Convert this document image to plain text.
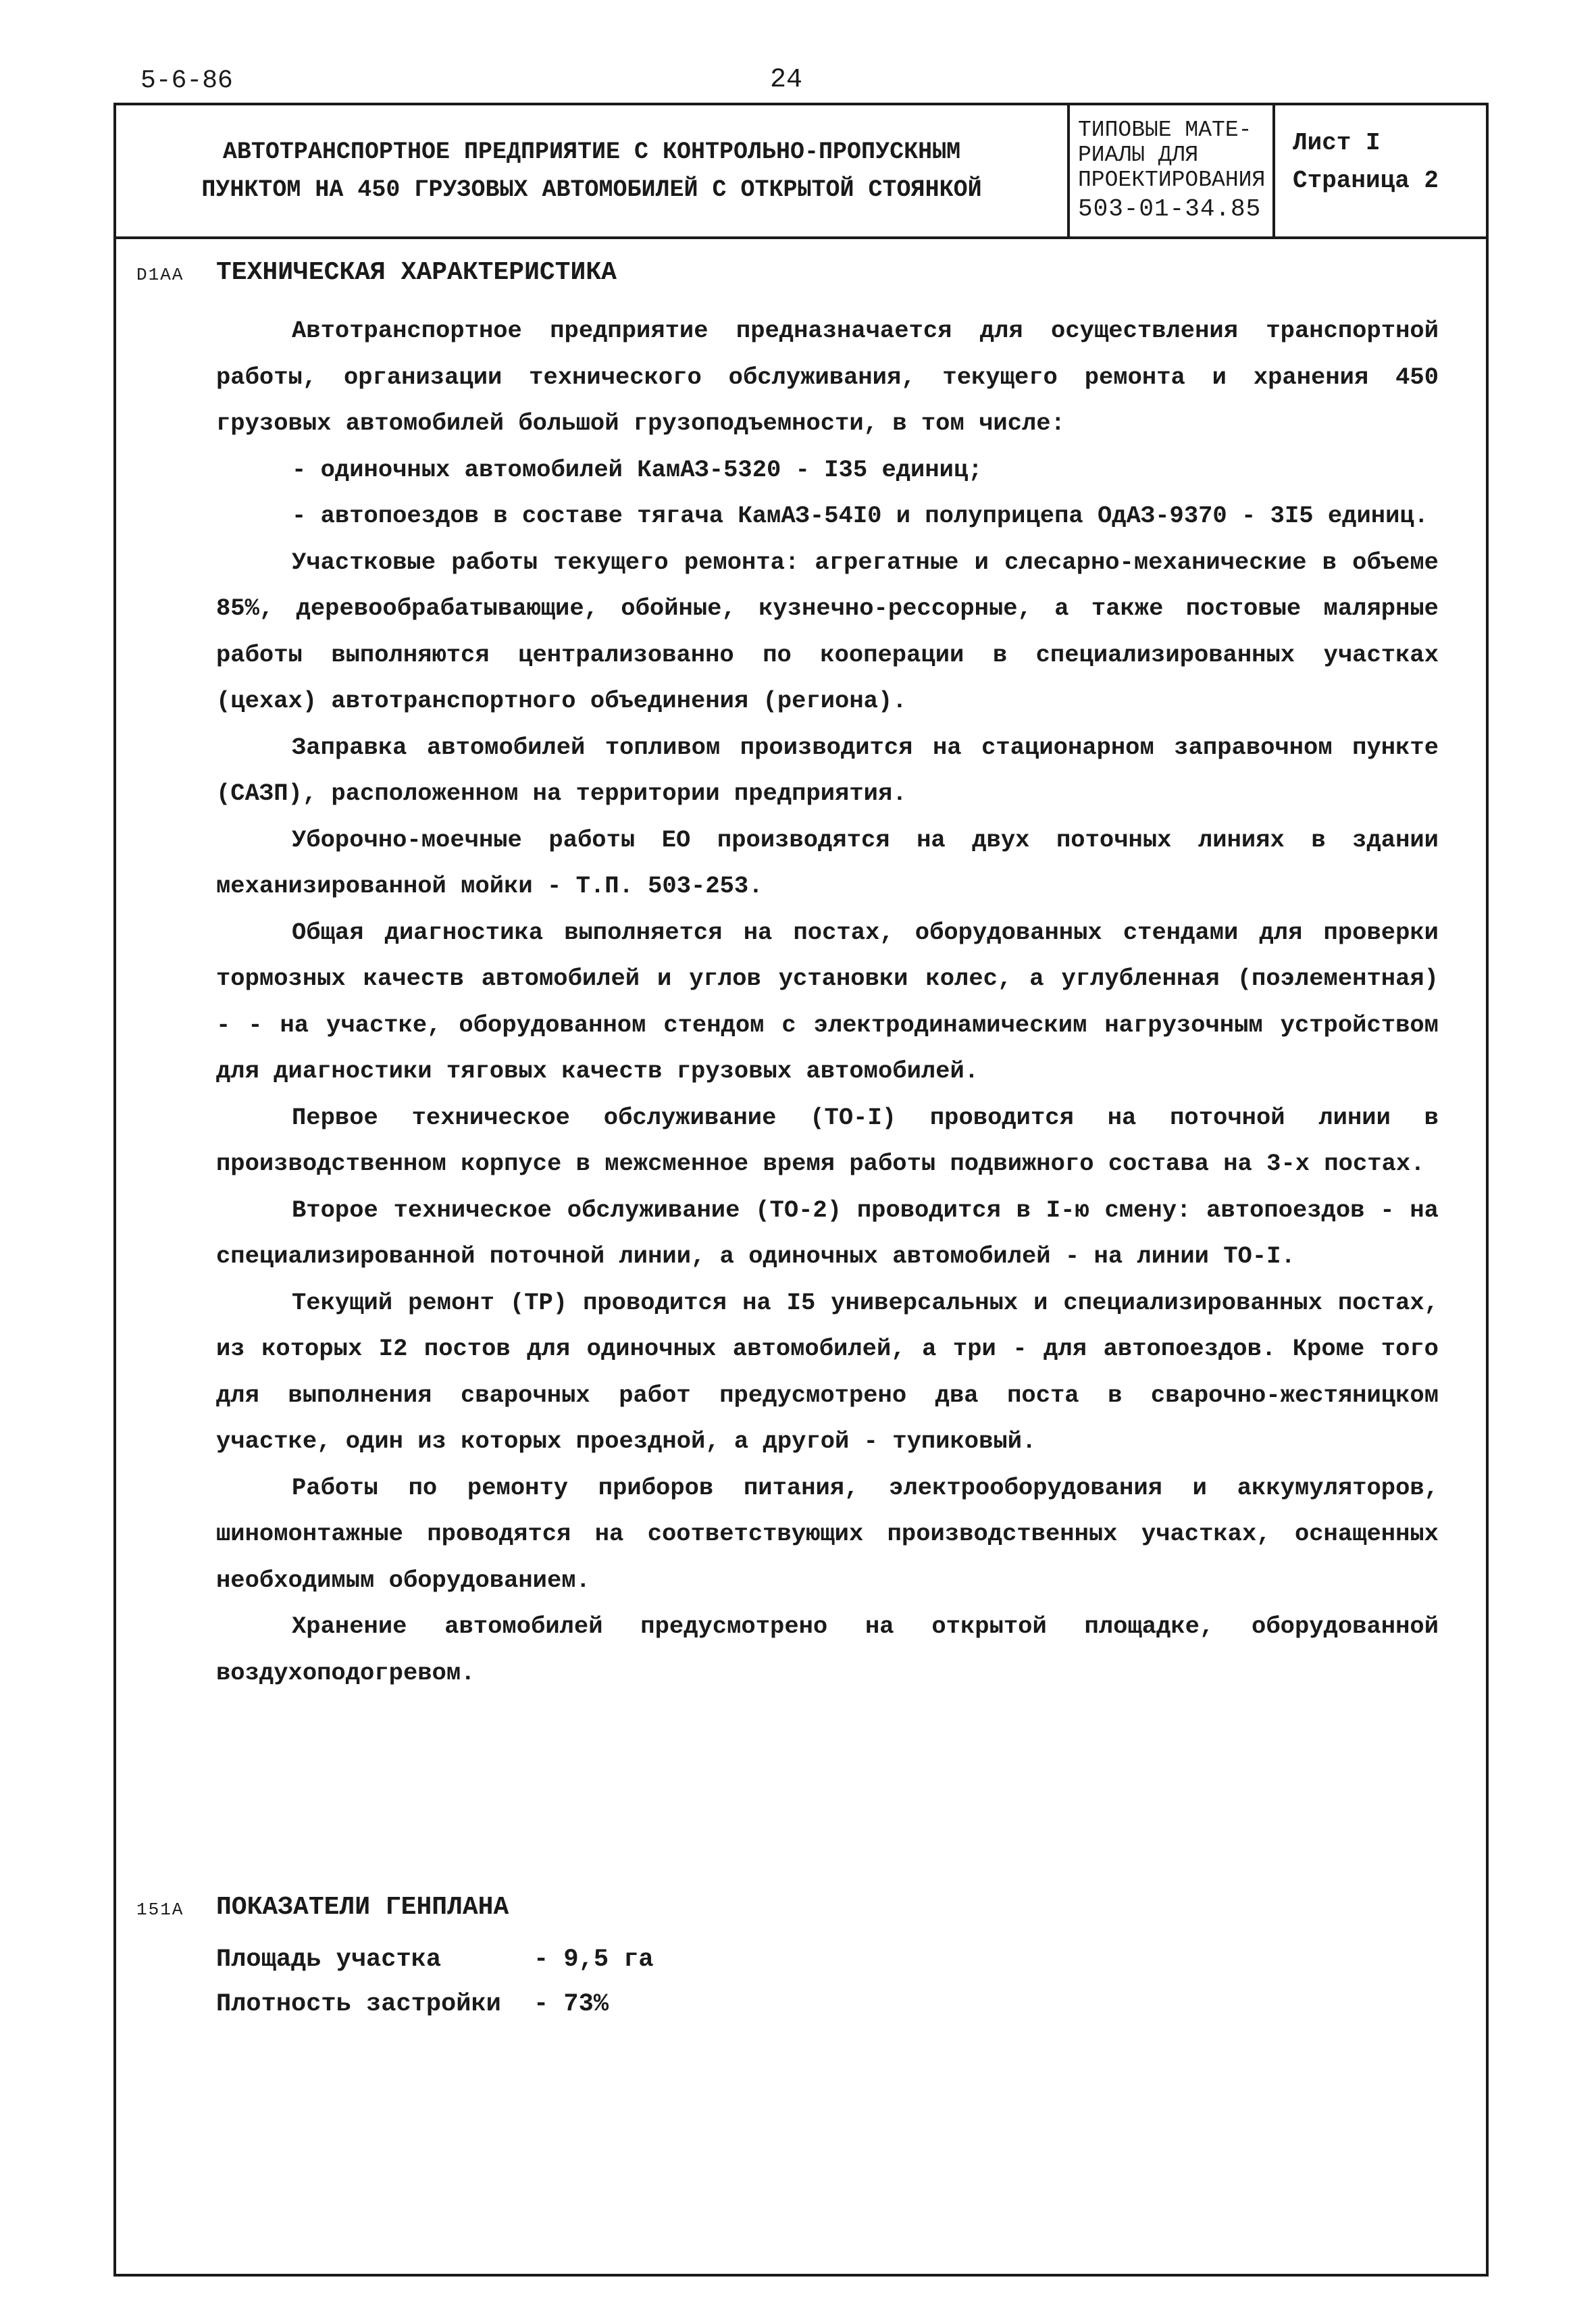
5-6-86	24
АВТОТРАНСПОРТНОЕ ПРЕДПРИЯТИЕ С КОНТРОЛЬНО-ПРОПУСКНЫМ
ПУНКТОМ НА 450 ГРУЗОВЫХ АВТОМОБИЛЕЙ С ОТКРЫТОЙ СТОЯНКОЙ
ТИПОВЫЕ МАТЕ-
РИАЛЫ ДЛЯ
ПРОЕКТИРОВАНИЯ
503-01-34.85
Лист I
Страница 2
D1AA ТЕХНИЧЕСКАЯ ХАРАКТЕРИСТИКА

Автотранспортное предприятие предназначается для осуществления транспортной работы, организации технического обслуживания, текущего ремонта и хранения 450 грузовых автомобилей большой грузоподъемности, в том числе:

- одиночных автомобилей КамАЗ-5320 - I35 единиц;

- автопоездов в составе тягача КамАЗ-54I0 и полуприцепа ОдАЗ-9370 - 3I5 единиц.

Участковые работы текущего ремонта: агрегатные и слесарно-механические в объеме 85%, деревообрабатывающие, обойные, кузнечно-рессорные, а также постовые малярные работы выполняются централизованно по кооперации в специализированных участках (цехах) автотранспортного объединения (региона).

Заправка автомобилей топливом производится на стационарном заправочном пункте (САЗП), расположенном на территории предприятия.

Уборочно-моечные работы ЕО производятся на двух поточных линиях в здании механизированной мойки - Т.П. 503-253.

Общая диагностика выполняется на постах, оборудованных стендами для проверки тормозных качеств автомобилей и углов установки колес, а углубленная (поэлементная) - - на участке, оборудованном стендом с электродинамическим нагрузочным устройством для диагностики тяговых качеств грузовых автомобилей.

Первое техническое обслуживание (ТО-I) проводится на поточной линии в производственном корпусе в межсменное время работы подвижного состава на 3-х постах.

Второе техническое обслуживание (ТО-2) проводится в I-ю смену: автопоездов - на специализированной поточной линии, а одиночных автомобилей - на линии ТО-I.

Текущий ремонт (ТР) проводится на I5 универсальных и специализированных постах, из которых I2 постов для одиночных автомобилей, а три - для автопоездов. Кроме того для выполнения сварочных работ предусмотрено два поста в сварочно-жестяницком участке, один из которых проездной, а другой - тупиковый.

Работы по ремонту приборов питания, электрооборудования и аккумуляторов, шиномонтажные проводятся на соответствующих производственных участках, оснащенных необходимым оборудованием.

Хранение автомобилей предусмотрено на открытой площадке, оборудованной воздухоподогревом.

151A ПОКАЗАТЕЛИ ГЕНПЛАНА
Площадь участка	- 9,5 га
Плотность застройки	- 73%
